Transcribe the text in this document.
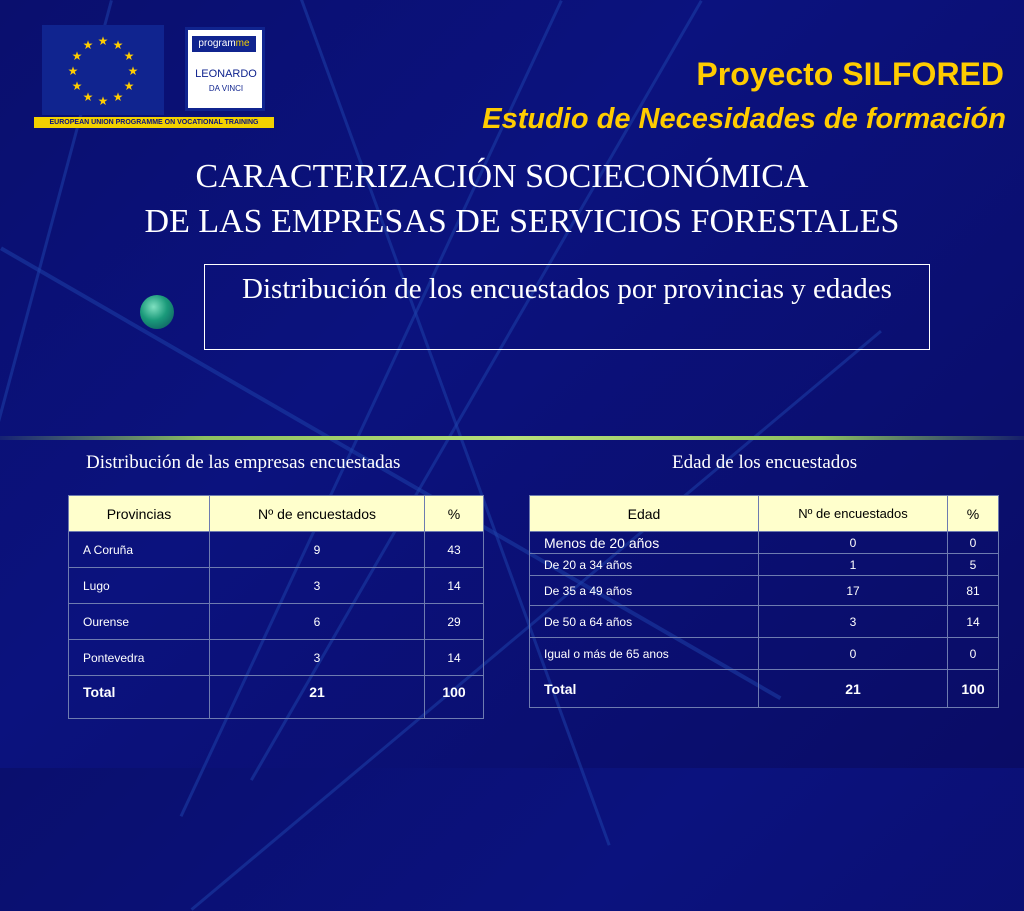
★ ★
★
★
★
★
★
★
★
★
★
★
EUROPEAN UNION PROGRAMME ON VOCATIONAL TRAINING
programme
LEONARDO
DA VINCI	Proyecto SILFORED
Estudio de Necesidades de formación
CARACTERIZACIÓN SOCIECONÓMICA
DE LAS EMPRESAS DE SERVICIOS FORESTALES
Distribución de los encuestados por provincias y edades
Distribución de las empresas encuestadas	Edad de los encuestados
Provincias	Nº de encuestados	%
A Coruña	9	43
Lugo	3	14
Ourense	6	29
Pontevedra	3	14
Total	21	100
Edad	Nº de encuestados	%
Menos de 20 años	0	0
De 20 a 34 años	1	5
De 35 a 49 años	17	81
De 50 a 64 años	3	14
Igual o más de 65 anos	0	0
Total	21	100
